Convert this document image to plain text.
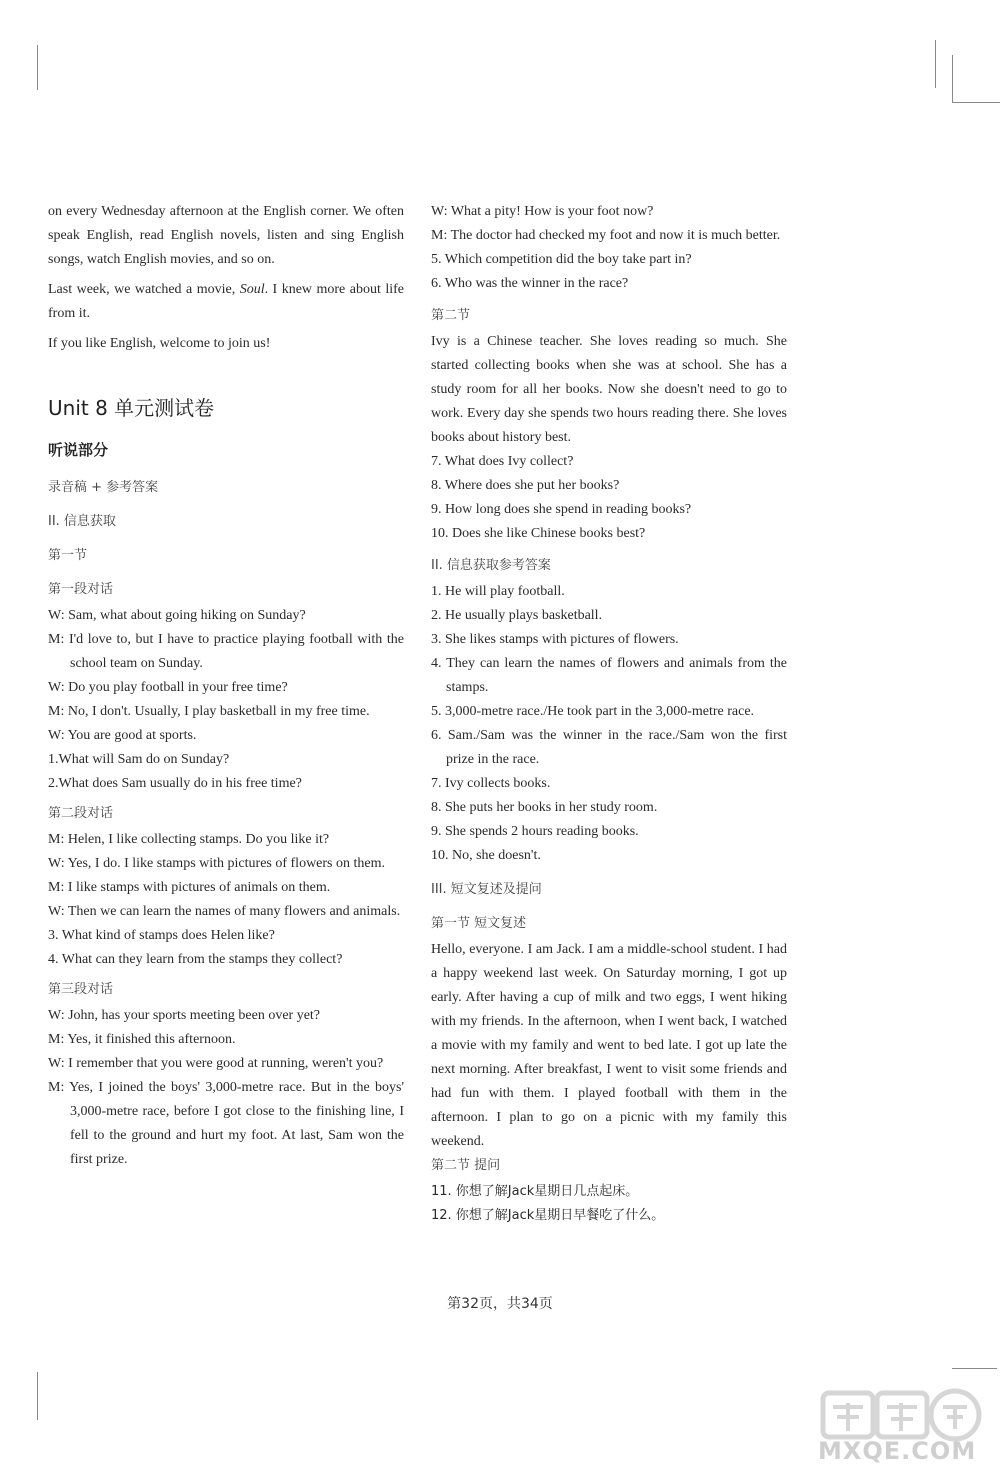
on every Wednesday afternoon at the English corner. We often speak English, read English novels, listen and sing English songs, watch English movies, and so on.

Last week, we watched a movie, Soul. I knew more about life from it.

If you like English, welcome to join us!

Unit 8 单元测试卷
听说部分
录音稿 + 参考答案
II. 信息获取
第一节
第一段对话

W: Sam, what about going hiking on Sunday?

M: I'd love to, but I have to practice playing football with the school team on Sunday.

W: Do you play football in your free time?

M: No, I don't. Usually, I play basketball in my free time.

W: You are good at sports.

1.What will Sam do on Sunday?

2.What does Sam usually do in his free time?

第二段对话

M: Helen, I like collecting stamps. Do you like it?

W: Yes, I do. I like stamps with pictures of flowers on them.

M: I like stamps with pictures of animals on them.

W: Then we can learn the names of many flowers and animals.

3. What kind of stamps does Helen like?

4. What can they learn from the stamps they collect?

第三段对话

W: John, has your sports meeting been over yet?

M: Yes, it finished this afternoon.

W: I remember that you were good at running, weren't you?

M: Yes, I joined the boys' 3,000-metre race. But in the boys' 3,000-metre race, before I got close to the finishing line, I fell to the ground and hurt my foot. At last, Sam won the first prize.

W: What a pity! How is your foot now?

M: The doctor had checked my foot and now it is much better.

5. Which competition did the boy take part in?

6. Who was the winner in the race?

第二节

Ivy is a Chinese teacher. She loves reading so much. She started collecting books when she was at school. She has a study room for all her books. Now she doesn't need to go to work. Every day she spends two hours reading there. She loves books about history best.

7. What does Ivy collect?

8. Where does she put her books?

9. How long does she spend in reading books?

10. Does she like Chinese books best?

II. 信息获取参考答案

1. He will play football.

2. He usually plays basketball.

3. She likes stamps with pictures of flowers.

4. They can learn the names of flowers and animals from the stamps.

5. 3,000-metre race./He took part in the 3,000-metre race.

6. Sam./Sam was the winner in the race./Sam won the first prize in the race.

7. Ivy collects books.

8. She puts her books in her study room.

9. She spends 2 hours reading books.

10. No, she doesn't.

III. 短文复述及提问
第一节 短文复述

Hello, everyone. I am Jack. I am a middle-school student. I had a happy weekend last week. On Saturday morning, I got up early. After having a cup of milk and two eggs, I went hiking with my friends. In the afternoon, when I went back, I watched a movie with my family and went to bed late. I got up late the next morning. After breakfast, I went to visit some friends and had fun with them. I played football with them in the afternoon. I plan to go on a picnic with my family this weekend.

第二节 提问

11. 你想了解Jack星期日几点起床。

12. 你想了解Jack星期日早餐吃了什么。

第32页，共34页
MXQE.COM
